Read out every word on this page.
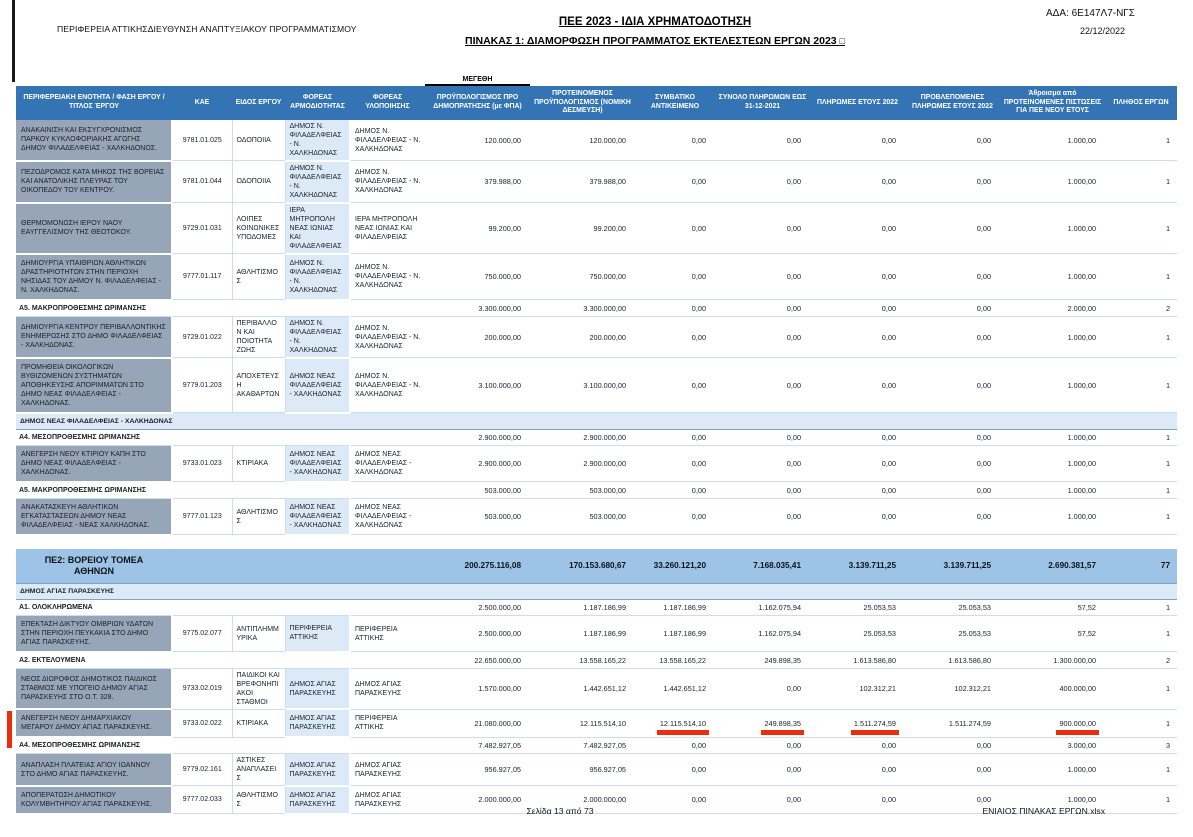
ΠΕΡΙΦΕΡΕΙΑ ΑΤΤΙΚΗΣΔΙΕΥΘΥΝΣΗ ΑΝΑΠΤΥΞΙΑΚΟΥ ΠΡΟΓΡΑΜΜΑΤΙΣΜΟΥ
ΠΕΕ 2023 - ΙΔΙΑ ΧΡΗΜΑΤΟΔΟΤΗΣΗ
ΠΙΝΑΚΑΣ 1: ΔΙΑΜΟΡΦΩΣΗ ΠΡΟΓΡΑΜΜΑΤΟΣ ΕΚΤΕΛΕΣΤΕΩΝ ΕΡΓΩΝ 2023 □
ΑΔΑ: 6Ε147Λ7-ΝΓΣ
22/12/2022
ΜΕΓΕΘΗ
ΠΕΡΙΦΕΡΕΙΑΚΗ ΕΝΟΤΗΤΑ / ΦΑΣΗ ΕΡΓΟΥ / ΤΙΤΛΟΣ ΈΡΓΟΥ	ΚΑΕ	ΕΙΔΟΣ ΕΡΓΟΥ	ΦΟΡΕΑΣ ΑΡΜΟΔΙΟΤΗΤΑΣ	ΦΟΡΕΑΣ ΥΛΟΠΟΙΗΣΗΣ	ΠΡΟΫΠΟΛΟΓΙΣΜΟΣ ΠΡΟ ΔΗΜΟΠΡΑΤΗΣΗΣ (με ΦΠΑ)	ΠΡΟΤΕΙΝΟΜΕΝΟΣ ΠΡΟΫΠΟΛΟΓΙΣΜΟΣ (ΝΟΜΙΚΗ ΔΕΣΜΕΥΣΗ)	ΣΥΜΒΑΤΙΚΟ ΑΝΤΙΚΕΙΜΕΝΟ	ΣΥΝΟΛΟ ΠΛΗΡΩΜΩΝ ΕΩΣ 31-12-2021	ΠΛΗΡΩΜΕΣ ΕΤΟΥΣ 2022	ΠΡΟΒΛΕΠΟΜΕΝΕΣ ΠΛΗΡΩΜΕΣ ΕΤΟΥΣ 2022	Άθροισμα από ΠΡΟΤΕΙΝΟΜΕΝΕΣ ΠΙΣΤΩΣΕΙΣ ΓΙΑ ΠΕΕ ΝΕΟΥ ΕΤΟΥΣ	ΠΛΗΘΟΣ ΕΡΓΩΝ
ΑΝΑΚΑΙΝΙΣΗ ΚΑΙ ΕΚΣΥΓΧΡΟΝΙΣΜΟΣ ΠΑΡΚΟΥ ΚΥΚΛΟΦΟΡΙΑΚΗΣ ΑΓΩΓΗΣ ΔΗΜΟΥ ΦΙΛΑΔΕΛΦΕΙΑΣ - ΧΑΛΚΗΔΟΝΟΣ.	9781.01.025	ΟΔΟΠΟΙΙΑ	ΔΗΜΟΣ Ν. ΦΙΛΑΔΕΛΦΕΙΑΣ - Ν. ΧΑΛΚΗΔΟΝΑΣ	ΔΗΜΟΣ Ν. ΦΙΛΑΔΕΛΦΕΙΑΣ - Ν. ΧΑΛΚΗΔΟΝΑΣ	120.000,00	120.000,00	0,00	0,00	0,00	0,00	1.000,00	1
ΠΕΖΟΔΡΟΜΟΣ ΚΑΤΑ ΜΗΚΟΣ ΤΗΣ ΒΟΡΕΙΑΣ ΚΑΙ ΑΝΑΤΟΛΙΚΗΣ ΠΛΕΥΡΑΣ ΤΟΥ ΟΙΚΟΠΕΔΟΥ ΤΟΥ ΚΕΝΤΡΟΥ.	9781.01.044	ΟΔΟΠΟΙΙΑ	ΔΗΜΟΣ Ν. ΦΙΛΑΔΕΛΦΕΙΑΣ - Ν. ΧΑΛΚΗΔΟΝΑΣ	ΔΗΜΟΣ Ν. ΦΙΛΑΔΕΛΦΕΙΑΣ - Ν. ΧΑΛΚΗΔΟΝΑΣ	379.988,00	379.988,00	0,00	0,00	0,00	0,00	1.000,00	1
ΘΕΡΜΟΜΟΝΩΣΗ ΙΕΡΟΥ ΝΑΟΥ ΕΑΥΓΓΕΛΙΣΜΟΥ ΤΗΣ ΘΕΟΤΟΚΟΥ.	9729.01.031	ΛΟΙΠΕΣ ΚΟΙΝΩΝΙΚΕΣ ΥΠΟΔΟΜΕΣ	ΙΕΡΑ ΜΗΤΡΟΠΟΛΗ ΝΕΑΣ ΙΩΝΙΑΣ ΚΑΙ ΦΙΛΑΔΕΛΦΕΙΑΣ	ΙΕΡΑ ΜΗΤΡΟΠΟΛΗ ΝΕΑΣ ΙΩΝΙΑΣ ΚΑΙ ΦΙΛΑΔΕΛΦΕΙΑΣ	99.200,00	99.200,00	0,00	0,00	0,00	0,00	1.000,00	1
ΔΗΜΙΟΥΡΓΙΑ ΥΠΑΙΘΡΙΩΝ ΑΘΛΗΤΙΚΩΝ ΔΡΑΣΤΗΡΙΟΤΗΤΩΝ ΣΤΗΝ ΠΕΡΙΟΧΗ ΝΗΣΙΔΑΣ ΤΟΥ ΔΗΜΟΥ Ν. ΦΙΛΑΔΕΛΦΕΙΑΣ - Ν. ΧΑΛΚΗΔΟΝΑΣ.	9777.01.117	ΑΘΛΗΤΙΣΜΟΣ	ΔΗΜΟΣ Ν. ΦΙΛΑΔΕΛΦΕΙΑΣ - Ν. ΧΑΛΚΗΔΟΝΑΣ	ΔΗΜΟΣ Ν. ΦΙΛΑΔΕΛΦΕΙΑΣ - Ν. ΧΑΛΚΗΔΟΝΑΣ	750.000,00	750.000,00	0,00	0,00	0,00	0,00	1.000,00	1
Α5. ΜΑΚΡΟΠΡΟΘΕΣΜΗΣ ΩΡΙΜΑΝΣΗΣ					3.300.000,00	3.300.000,00	0,00	0,00	0,00	0,00	2.000,00	2
ΔΗΜΙΟΥΡΓΙΑ ΚΕΝΤΡΟΥ ΠΕΡΙΒΑΛΛΟΝΤΙΚΗΣ ΕΝΗΜΕΡΩΣΗΣ ΣΤΟ ΔΗΜΟ ΦΙΛΑΔΕΛΦΕΙΑΣ - ΧΑΛΚΗΔΟΝΑΣ.	9729.01.022	ΠΕΡΙΒΑΛΛΟΝ ΚΑΙ ΠΟΙΟΤΗΤΑ ΖΩΗΣ	ΔΗΜΟΣ Ν. ΦΙΛΑΔΕΛΦΕΙΑΣ - Ν. ΧΑΛΚΗΔΟΝΑΣ	ΔΗΜΟΣ Ν. ΦΙΛΑΔΕΛΦΕΙΑΣ - Ν. ΧΑΛΚΗΔΟΝΑΣ	200.000,00	200.000,00	0,00	0,00	0,00	0,00	1.000,00	1
ΠΡΟΜΗΘΕΙΑ ΟΙΚΟΛΟΓΙΚΩΝ ΒΥΘΙΖΟΜΕΝΩΝ ΣΥΣΤΗΜΑΤΩΝ ΑΠΟΘΗΚΕΥΣΗΣ ΑΠΟΡΙΜΜΑΤΩΝ ΣΤΟ ΔΗΜΟ ΝΕΑΣ ΦΙΛΑΔΕΛΦΕΙΑΣ - ΧΑΛΚΗΔΟΝΑΣ.	9779.01.203	ΑΠΟΧΕΤΕΥΣΗ ΑΚΑΘΑΡΤΩΝ	ΔΗΜΟΣ ΝΕΑΣ ΦΙΛΑΔΕΛΦΕΙΑΣ - ΧΑΛΚΗΔΟΝΑΣ	ΔΗΜΟΣ Ν. ΦΙΛΑΔΕΛΦΕΙΑΣ - Ν. ΧΑΛΚΗΔΟΝΑΣ	3.100.000,00	3.100.000,00	0,00	0,00	0,00	0,00	1.000,00	1
ΔΗΜΟΣ ΝΕΑΣ ΦΙΛΑΔΕΛΦΕΙΑΣ - ΧΑΛΚΗΔΟΝΑΣ												
Α4. ΜΕΣΟΠΡΟΘΕΣΜΗΣ ΩΡΙΜΑΝΣΗΣ					2.900.000,00	2.900.000,00	0,00	0,00	0,00	0,00	1.000,00	1
ΑΝΕΓΕΡΣΗ ΝΕΟΥ ΚΤΙΡΙΟΥ ΚΑΠΗ ΣΤΟ ΔΗΜΟ ΝΕΑΣ ΦΙΛΑΔΕΛΦΕΙΑΣ - ΧΑΛΚΗΔΟΝΑΣ.	9733.01.023	ΚΤΙΡΙΑΚΑ	ΔΗΜΟΣ ΝΕΑΣ ΦΙΛΑΔΕΛΦΕΙΑΣ - ΧΑΛΚΗΔΟΝΑΣ	ΔΗΜΟΣ ΝΕΑΣ ΦΙΛΑΔΕΛΦΕΙΑΣ - ΧΑΛΚΗΔΟΝΑΣ	2.900.000,00	2.900.000,00	0,00	0,00	0,00	0,00	1.000,00	1
Α5. ΜΑΚΡΟΠΡΟΘΕΣΜΗΣ ΩΡΙΜΑΝΣΗΣ					503.000,00	503.000,00	0,00	0,00	0,00	0,00	1.000,00	1
ΑΝΑΚΑΤΑΣΚΕΥΗ ΑΘΛΗΤΙΚΩΝ ΕΓΚΑΤΑΣΤΑΣΕΩΝ ΔΗΜΟΥ ΝΕΑΣ ΦΙΛΑΔΕΛΦΕΙΑΣ - ΝΕΑΣ ΧΑΛΚΗΔΟΝΑΣ.	9777.01.123	ΑΘΛΗΤΙΣΜΟΣ	ΔΗΜΟΣ ΝΕΑΣ ΦΙΛΑΔΕΛΦΕΙΑΣ - ΧΑΛΚΗΔΟΝΑΣ	ΔΗΜΟΣ ΝΕΑΣ ΦΙΛΑΔΕΛΦΕΙΑΣ - ΧΑΛΚΗΔΟΝΑΣ	503.000,00	503.000,00	0,00	0,00	0,00	0,00	1.000,00	1

ΠΕ2: ΒΟΡΕΙΟΥ ΤΟΜΕΑ ΑΘΗΝΩΝ					200.275.116,08	170.153.680,67	33.260.121,20	7.168.035,41	3.139.711,25	3.139.711,25	2.690.381,57	77
ΔΗΜΟΣ ΑΓΙΑΣ ΠΑΡΑΣΚΕΥΗΣ												
Α1. ΟΛΟΚΛΗΡΩΜΕΝΑ					2.500.000,00	1.187.186,99	1.187.186,99	1.162.075,94	25.053,53	25.053,53	57,52	1
ΕΠΕΚΤΑΣΗ ΔΙΚΤΥΟΥ ΟΜΒΡΙΩΝ ΥΔΑΤΩΝ ΣΤΗΝ ΠΕΡΙΟΧΗ ΠΕΥΚΑΚΙΑ ΣΤΟ ΔΗΜΟ ΑΓΙΑΣ ΠΑΡΑΣΚΕΥΗΣ.	9775.02.077	ΑΝΤΙΠΛΗΜΜΥΡΙΚΑ	ΠΕΡΙΦΕΡΕΙΑ ΑΤΤΙΚΗΣ	ΠΕΡΙΦΕΡΕΙΑ ΑΤΤΙΚΗΣ	2.500.000,00	1.187.186,99	1.187.186,99	1.162.075,94	25.053,53	25.053,53	57,52	1
Α2. ΕΚΤΕΛΟΥΜΕΝΑ					22.650.000,00	13.558.165,22	13.558.165,22	249.898,35	1.613.586,80	1.613.586,80	1.300.000,00	2
ΝΕΟΣ ΔΙΩΡΟΦΟΣ ΔΗΜΟΤΙΚΟΣ ΠΑΙΔΙΚΟΣ ΣΤΑΘΜΟΣ ΜΕ ΥΠΟΓΕΙΟ ΔΗΜΟΥ ΑΓΙΑΣ ΠΑΡΑΣΚΕΥΗΣ ΣΤΟ Ο.Τ. 328.	9733.02.019	ΠΑΙΔΙΚΟΙ ΚΑΙ ΒΡΕΦΟΝΗΠΙΑΚΟΙ ΣΤΑΘΜΟΙ	ΔΗΜΟΣ ΑΓΙΑΣ ΠΑΡΑΣΚΕΥΗΣ	ΔΗΜΟΣ ΑΓΙΑΣ ΠΑΡΑΣΚΕΥΗΣ	1.570.000,00	1.442.651,12	1.442.651,12	0,00	102.312,21	102.312,21	400.000,00	1
ΑΝΕΓΕΡΣΗ ΝΕΟΥ ΔΗΜΑΡΧΙΑΚΟΥ ΜΕΓΑΡΟΥ ΔΗΜΟΥ ΑΓΙΑΣ ΠΑΡΑΣΚΕΥΗΣ.	9733.02.022	ΚΤΙΡΙΑΚΑ	ΔΗΜΟΣ ΑΓΙΑΣ ΠΑΡΑΣΚΕΥΗΣ	ΠΕΡΙΦΕΡΕΙΑ ΑΤΤΙΚΗΣ	21.080.000,00	12.115.514,10	12.115.514,10	249.898,35	1.511.274,59	1.511.274,59	900.000,00	1
Α4. ΜΕΣΟΠΡΟΘΕΣΜΗΣ ΩΡΙΜΑΝΣΗΣ					7.482.927,05	7.482.927,05	0,00	0,00	0,00	0,00	3.000,00	3
ΑΝΑΠΛΑΣΗ ΠΛΑΤΕΙΑΣ ΑΓΙΟΥ ΙΩΑΝΝΟΥ ΣΤΟ ΔΗΜΟ ΑΓΙΑΣ ΠΑΡΑΣΚΕΥΗΣ.	9779.02.161	ΑΣΤΙΚΕΣ ΑΝΑΠΛΑΣΕΙΣ	ΔΗΜΟΣ ΑΓΙΑΣ ΠΑΡΑΣΚΕΥΗΣ	ΔΗΜΟΣ ΑΓΙΑΣ ΠΑΡΑΣΚΕΥΗΣ	956.927,05	956.927,05	0,00	0,00	0,00	0,00	1.000,00	1
ΑΠΟΠΕΡΑΤΩΣΗ ΔΗΜΟΤΙΚΟΥ ΚΟΛΥΜΒΗΤΗΡΙΟΥ ΑΓΙΑΣ ΠΑΡΑΣΚΕΥΗΣ.	9777.02.033	ΑΘΛΗΤΙΣΜΟΣ	ΔΗΜΟΣ ΑΓΙΑΣ ΠΑΡΑΣΚΕΥΗΣ	ΔΗΜΟΣ ΑΓΙΑΣ ΠΑΡΑΣΚΕΥΗΣ	2.000.000,00	2.000.000,00	0,00	0,00	0,00	0,00	1.000,00	1
Σελίδα 13 από 73	ΕΝΙΑΙΟΣ ΠΙΝΑΚΑΣ ΕΡΓΩΝ.xlsx
